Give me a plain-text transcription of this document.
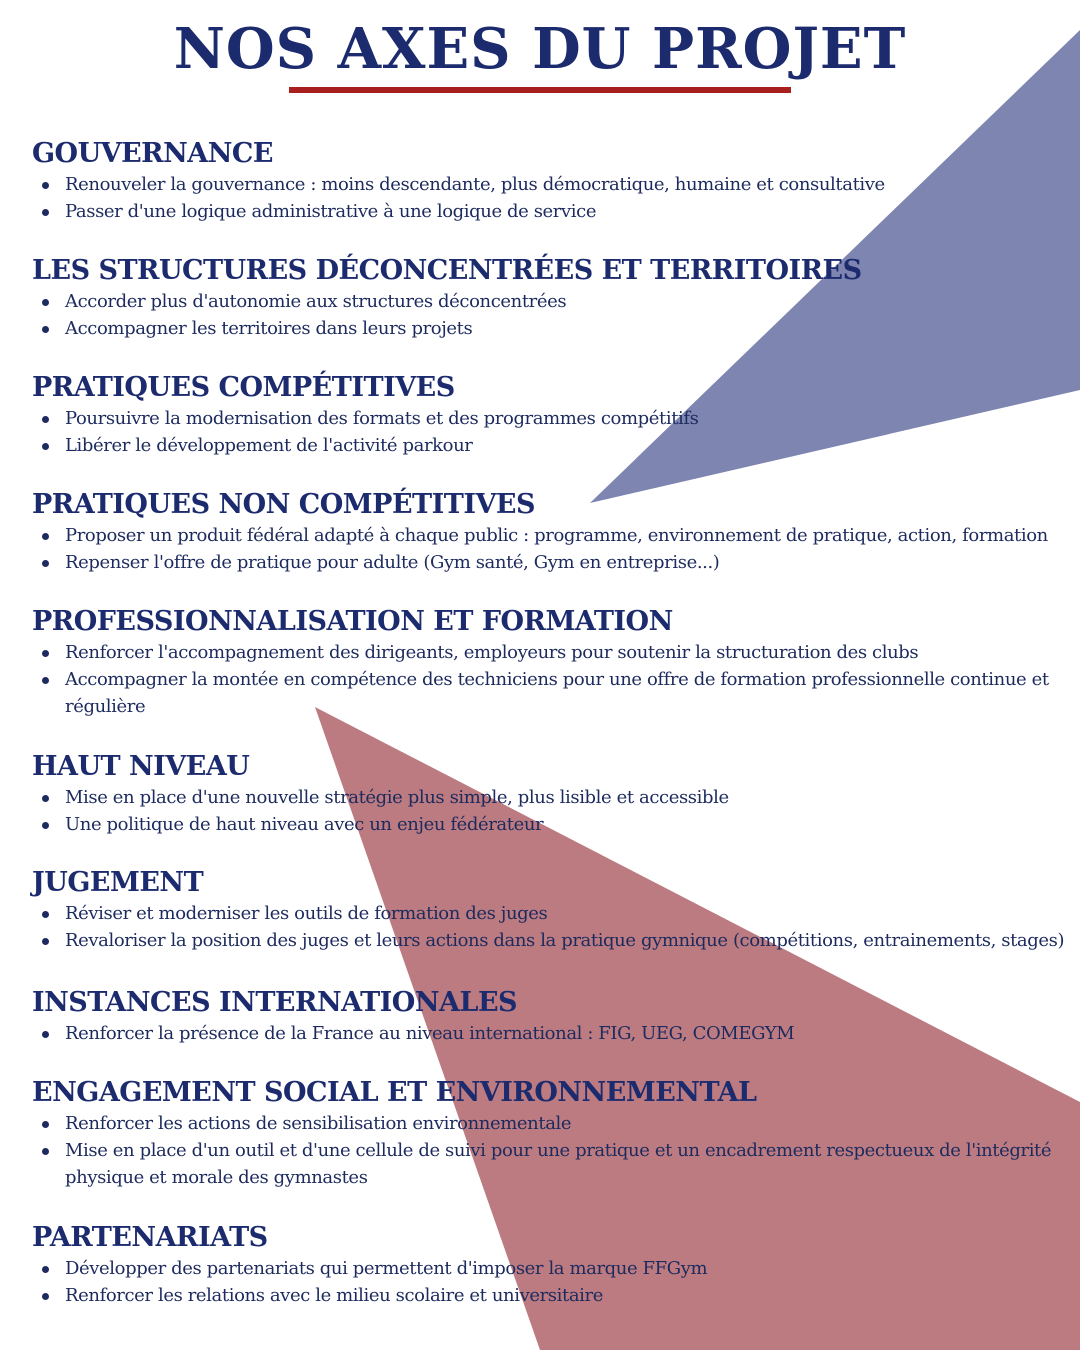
NOS AXES DU PROJET
GOUVERNANCE
Renouveler la gouvernance : moins descendante, plus démocratique, humaine et consultative
Passer d'une logique administrative à une logique de service
LES STRUCTURES DÉCONCENTRÉES ET TERRITOIRES
Accorder plus d'autonomie aux structures déconcentrées
Accompagner les territoires dans leurs projets
PRATIQUES COMPÉTITIVES
Poursuivre la modernisation des formats et des programmes compétitifs
Libérer le développement de l'activité parkour
PRATIQUES NON COMPÉTITIVES
Proposer un produit fédéral adapté à chaque public : programme, environnement de pratique, action, formation
Repenser l'offre de pratique pour adulte (Gym santé, Gym en entreprise...)
PROFESSIONNALISATION ET FORMATION
Renforcer l'accompagnement des dirigeants, employeurs pour soutenir la structuration des clubs
Accompagner la montée en compétence des techniciens pour une offre de formation professionnelle continue et régulière
HAUT NIVEAU
Mise en place d'une nouvelle stratégie plus simple, plus lisible et accessible
Une politique de haut niveau avec un enjeu fédérateur
JUGEMENT
Réviser et moderniser les outils de formation des juges
Revaloriser la position des juges et leurs actions dans la pratique gymnique (compétitions, entrainements, stages)
INSTANCES INTERNATIONALES
Renforcer la présence de la France au niveau international : FIG, UEG, COMEGYM
ENGAGEMENT SOCIAL ET ENVIRONNEMENTAL
Renforcer les actions de sensibilisation environnementale
Mise en place d'un outil et d'une cellule de suivi pour une pratique et un encadrement respectueux de l'intégrité physique et morale des gymnastes
PARTENARIATS
Développer des partenariats qui permettent d'imposer la marque FFGym
Renforcer les relations avec le milieu scolaire et universitaire
